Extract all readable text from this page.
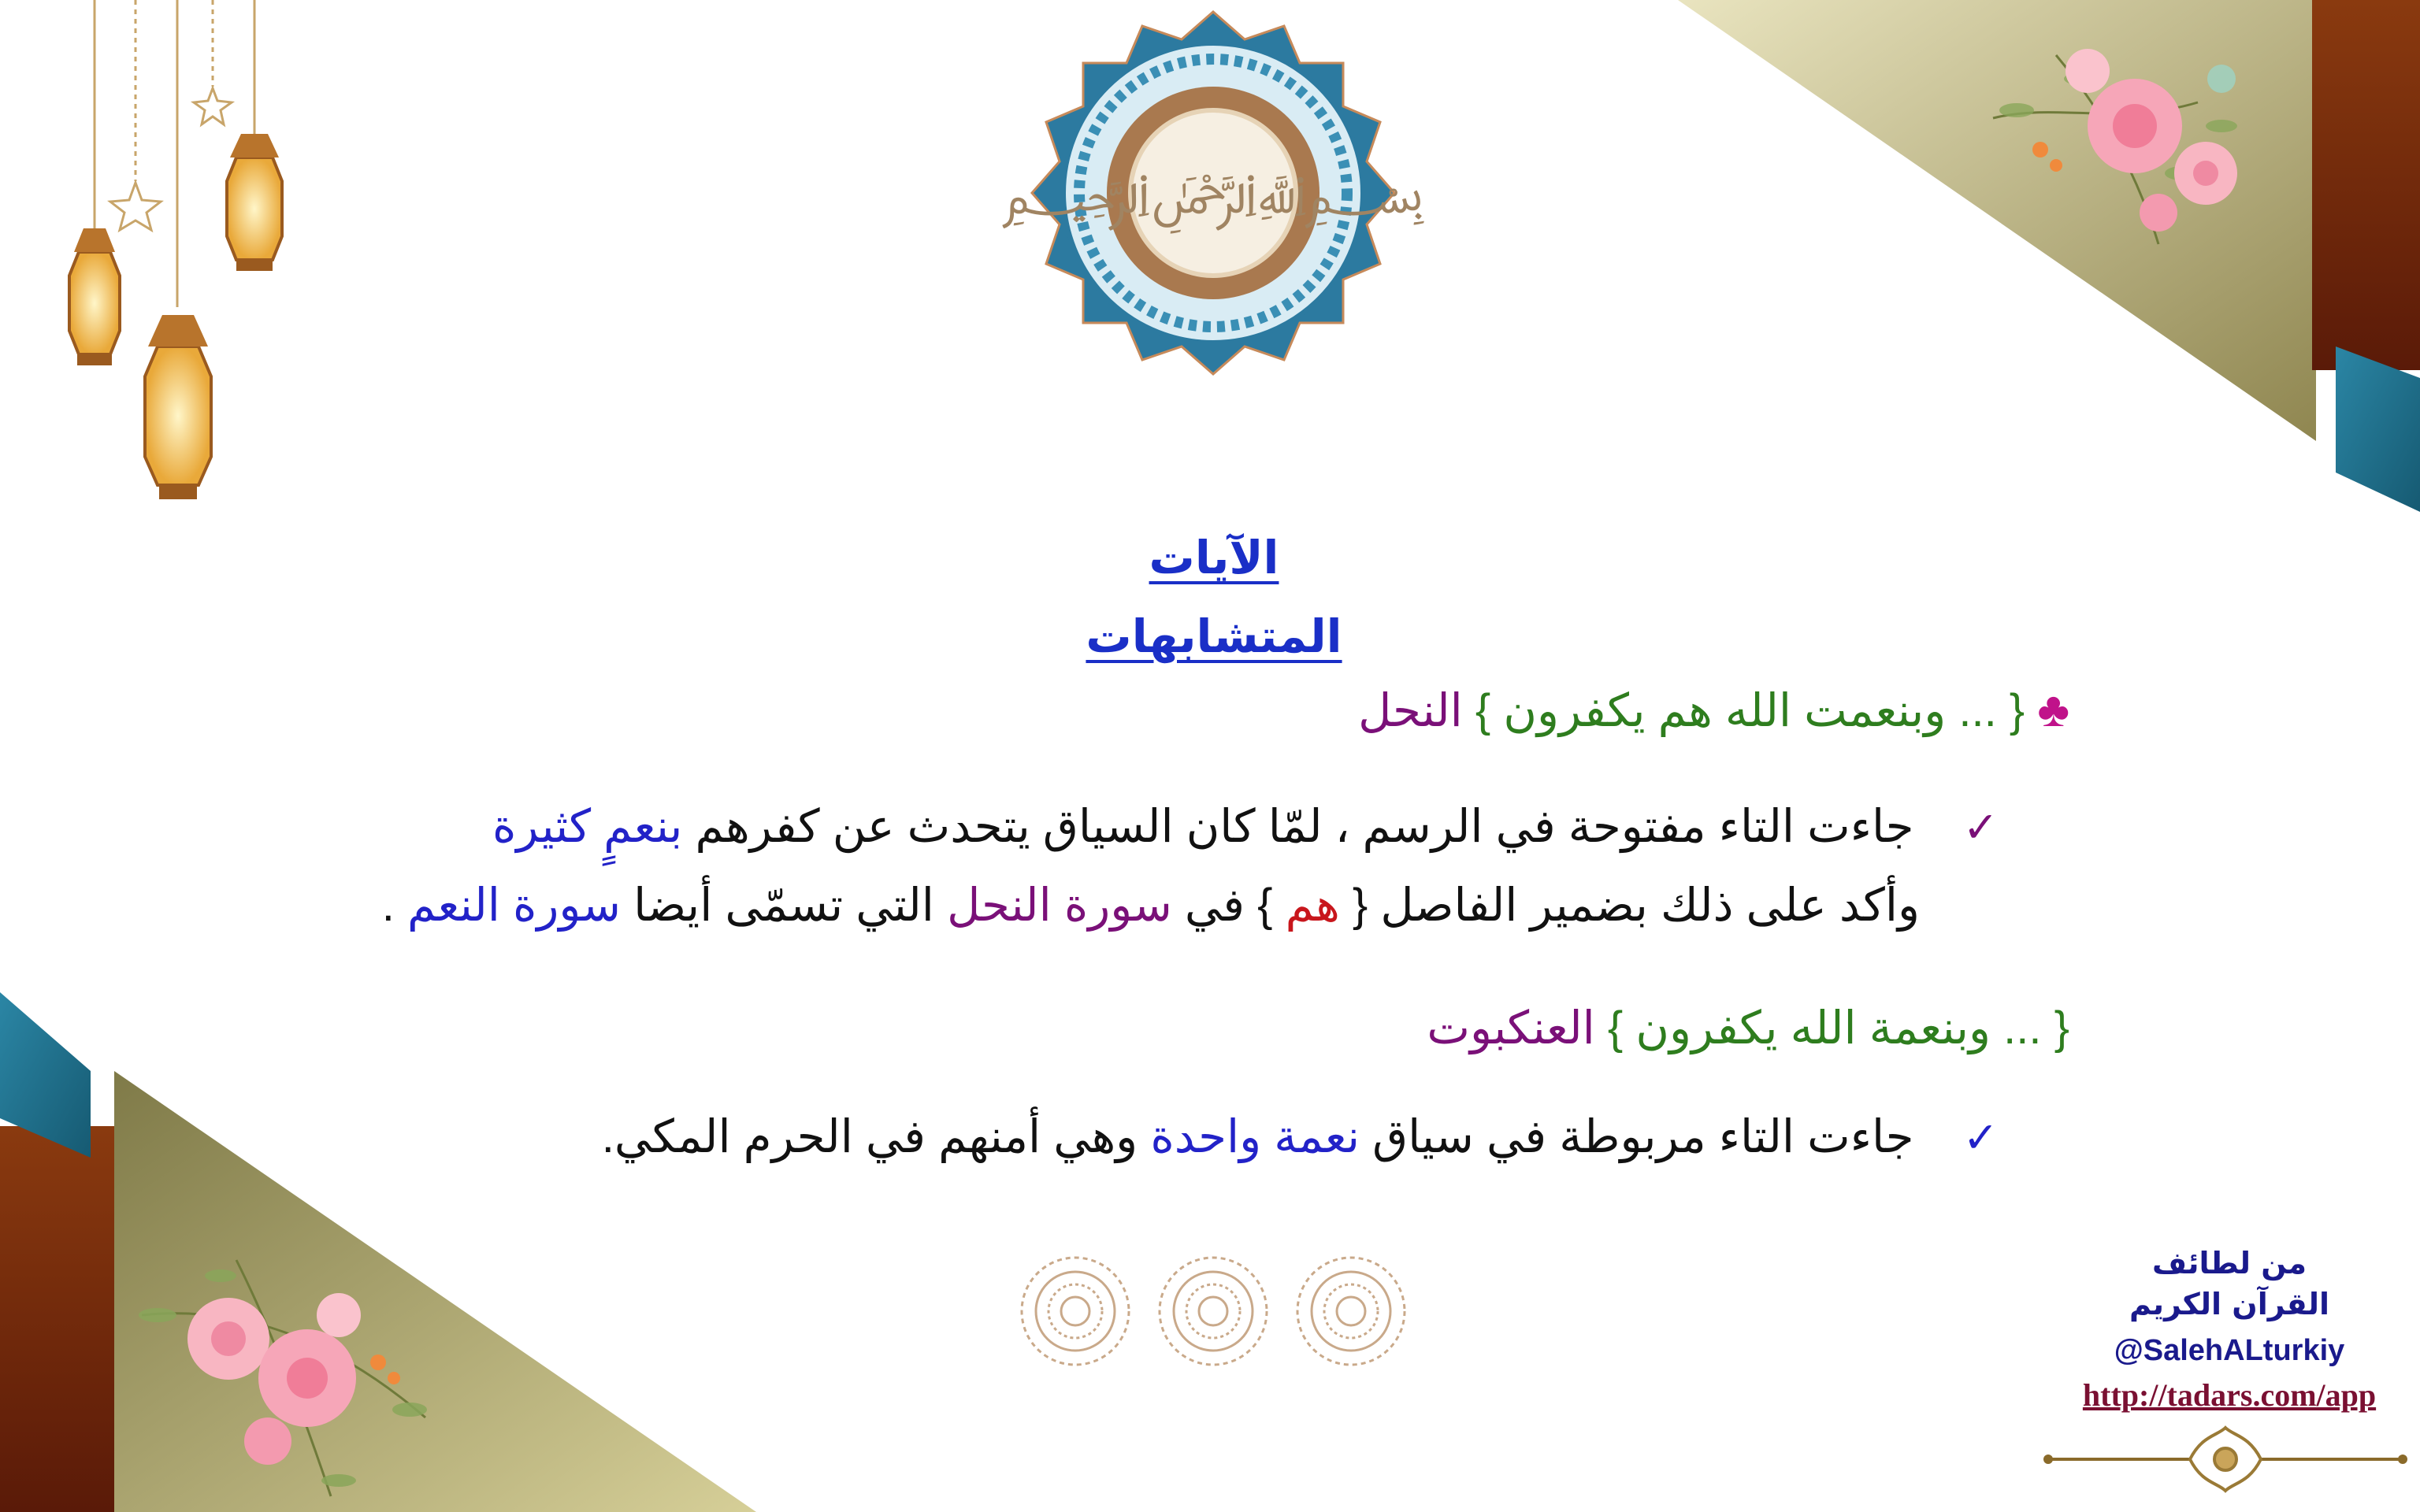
﷽
الآيات المتشابهات
♣ { ... وبنعمت الله هم يكفرون } النحل
✓  جاءت التاء مفتوحة في الرسم ، لمّا كان السياق يتحدث عن كفرهم بنعمٍ كثيرة
وأكد على ذلك بضمير الفاصل { هم } في سورة النحل التي تسمّى أيضا سورة النعم .
{ ... وبنعمة الله يكفرون } العنكبوت
✓  جاءت التاء مربوطة في سياق نعمة واحدة وهي أمنهم في الحرم المكي.
من لطائف
القرآن الكريم
@SalehALturkiy
http://tadars.com/app
